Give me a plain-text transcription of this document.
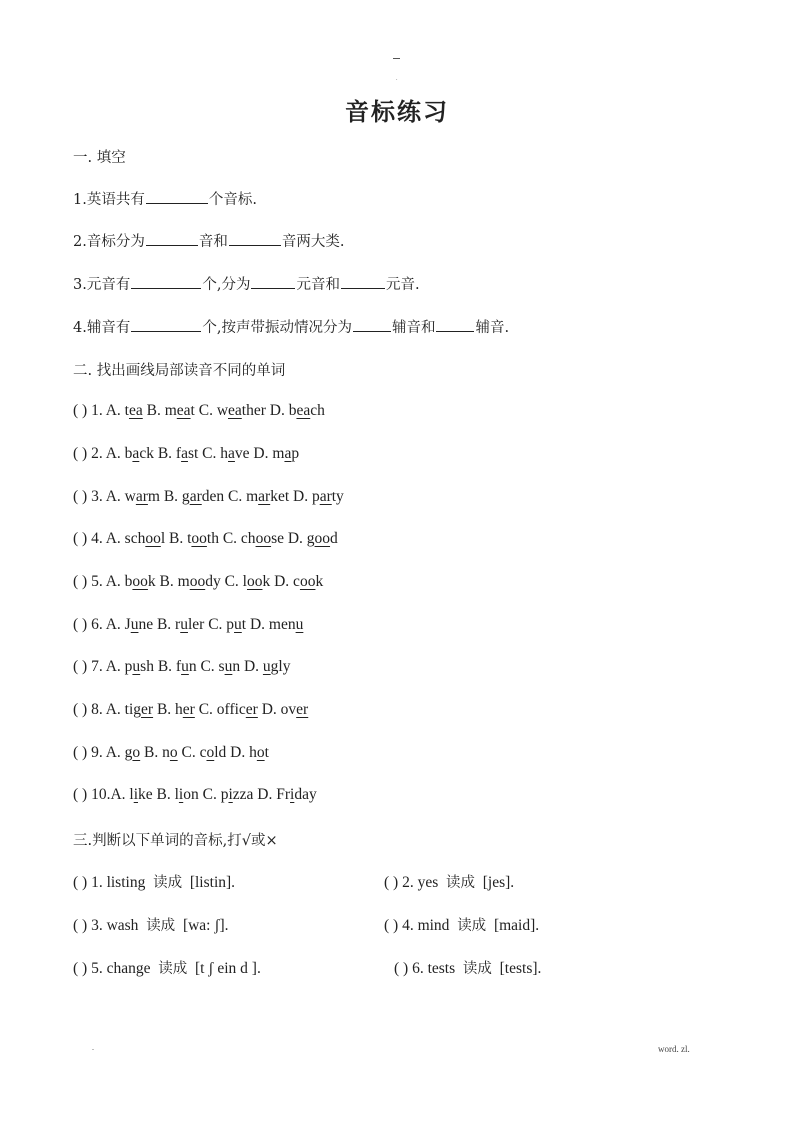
.
音标练习
一. 填空
1.英语共有	个音标.
2.音标分为	音和	音两大类.
3.元音有	个,分为	元音和	元音.
4.辅音有	个,按声带振动情况分为	辅音和	辅音.
二. 找出画线局部读音不同的单词
( ) 1. A. tea B. meat C. weather D. beach
( ) 2. A. back B. fast C. have D. map
( ) 3. A. warm B. garden C. market D. party
( ) 4. A. school B. tooth C. choose D. good
( ) 5. A. book B. moody C. look D. cook
( ) 6. A. June B. ruler C. put D. menu
( ) 7. A. push B. fun C. sun D. ugly
( ) 8. A. tiger B. her C. officer D. over
( ) 9. A. go B. no C. cold D. hot
( ) 10.A. like B. lion C. pizza D. Friday
三.判断以下单词的音标,打√或×
( ) 1. listing 读成 [listin].	( ) 2. yes 读成 [jes].
( ) 3. wash 读成 [wa: ʃ].	( ) 4. mind 读成 [maid].
( ) 5. change 读成 [t ʃ ein d ].	( ) 6. tests 读成 [tests].
.	word. zl.
